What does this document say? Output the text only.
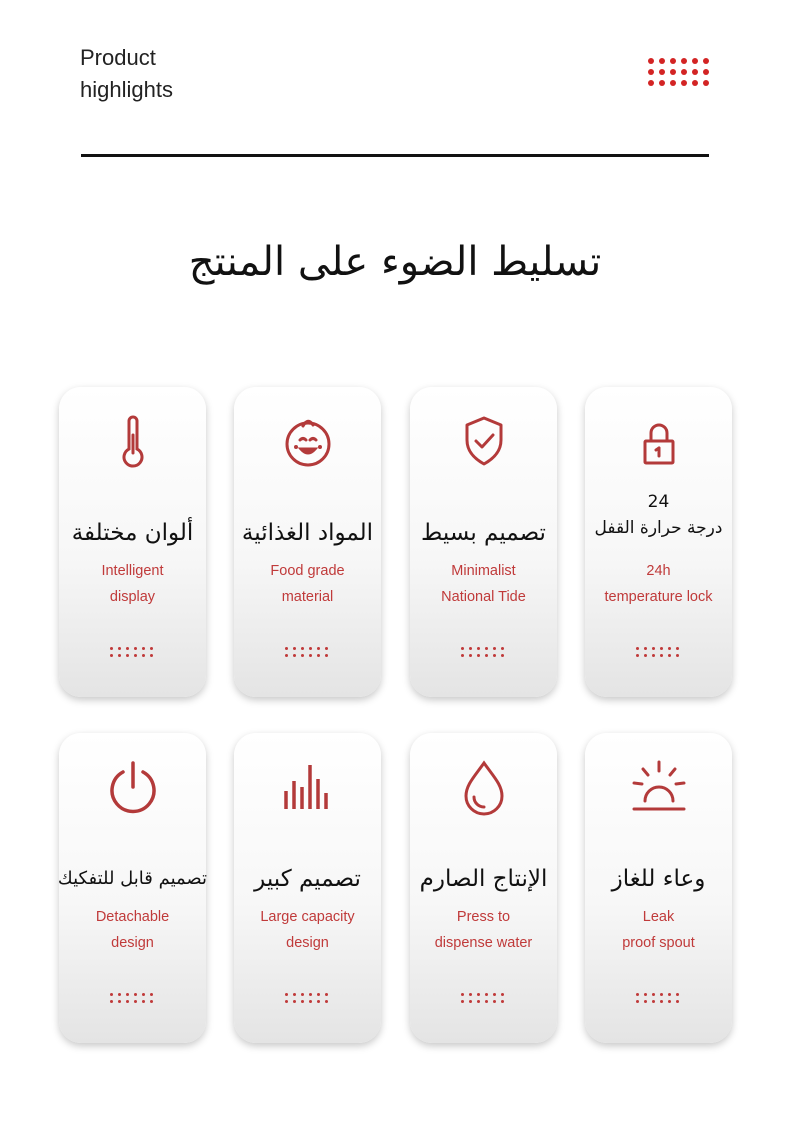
Product
highlights
تسليط الضوء على المنتج
ألوان مختلفة
Intelligent
display
المواد الغذائية
Food grade
material
تصميم بسيط
Minimalist
National Tide
24
درجة حرارة القفل
24h
temperature lock
تصميم قابل للتفكيك
Detachable
design
تصميم كبير
Large capacity
design
الإنتاج الصارم
Press to
dispense water
وعاء للغاز
Leak
proof spout
